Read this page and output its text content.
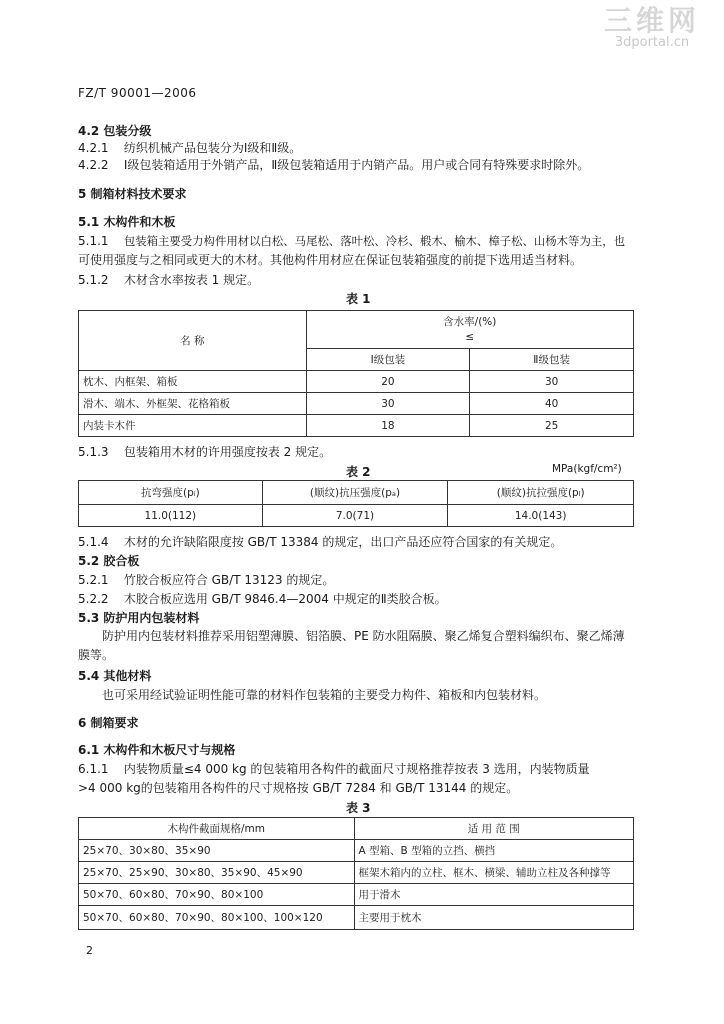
三维网
3dportal.cn
FZ/T 90001—2006
4.2 包装分级
4.2.1 纺织机械产品包装分为Ⅰ级和Ⅱ级。
4.2.2 Ⅰ级包装箱适用于外销产品，Ⅱ级包装箱适用于内销产品。用户或合同有特殊要求时除外。
5 制箱材料技术要求
5.1 木构件和木板
5.1.1 包装箱主要受力构件用材以白松、马尾松、落叶松、冷杉、椴木、榆木、樟子松、山杨木等为主，也
可使用强度与之相同或更大的木材。其他构件用材应在保证包装箱强度的前提下选用适当材料。
5.1.2 木材含水率按表 1 规定。
表 1
名 称	含水率/(%)
≤	

	Ⅰ级包装	Ⅱ级包装
枕木、内框架、箱板	20	30
滑木、端木、外框架、花格箱板	30	40
内装卡木件	18	25
5.1.3 包装箱用木材的许用强度按表 2 规定。
表 2	MPa(kgf/cm²)
抗弯强度(pᵢ)	(顺纹)抗压强度(pₐ)	(顺纹)抗拉强度(pₗ)
11.0(112)	7.0(71)	14.0(143)
5.1.4 木材的允许缺陷限度按 GB/T 13384 的规定，出口产品还应符合国家的有关规定。
5.2 胶合板
5.2.1 竹胶合板应符合 GB/T 13123 的规定。
5.2.2 木胶合板应选用 GB/T 9846.4—2004 中规定的Ⅱ类胶合板。
5.3 防护用内包装材料
防护用内包装材料推荐采用铝塑薄膜、铝箔膜、PE 防水阻隔膜、聚乙烯复合塑料编织布、聚乙烯薄膜等。
5.4 其他材料
也可采用经试验证明性能可靠的材料作包装箱的主要受力构件、箱板和内包装材料。
6 制箱要求
6.1 木构件和木板尺寸与规格
6.1.1 内装物质量≤4 000 kg 的包装箱用各构件的截面尺寸规格推荐按表 3 选用，内装物质量
>4 000 kg的包装箱用各构件的尺寸规格按 GB/T 7284 和 GB/T 13144 的规定。
表 3
木构件截面规格/mm	适 用 范 围
25×70、30×80、35×90	A 型箱、B 型箱的立挡、横挡
25×70、25×90、30×80、35×90、45×90	框架木箱内的立柱、框木、横梁、辅助立柱及各种撑等
50×70、60×80、70×90、80×100	用于滑木
50×70、60×80、70×90、80×100、100×120	主要用于枕木
2
